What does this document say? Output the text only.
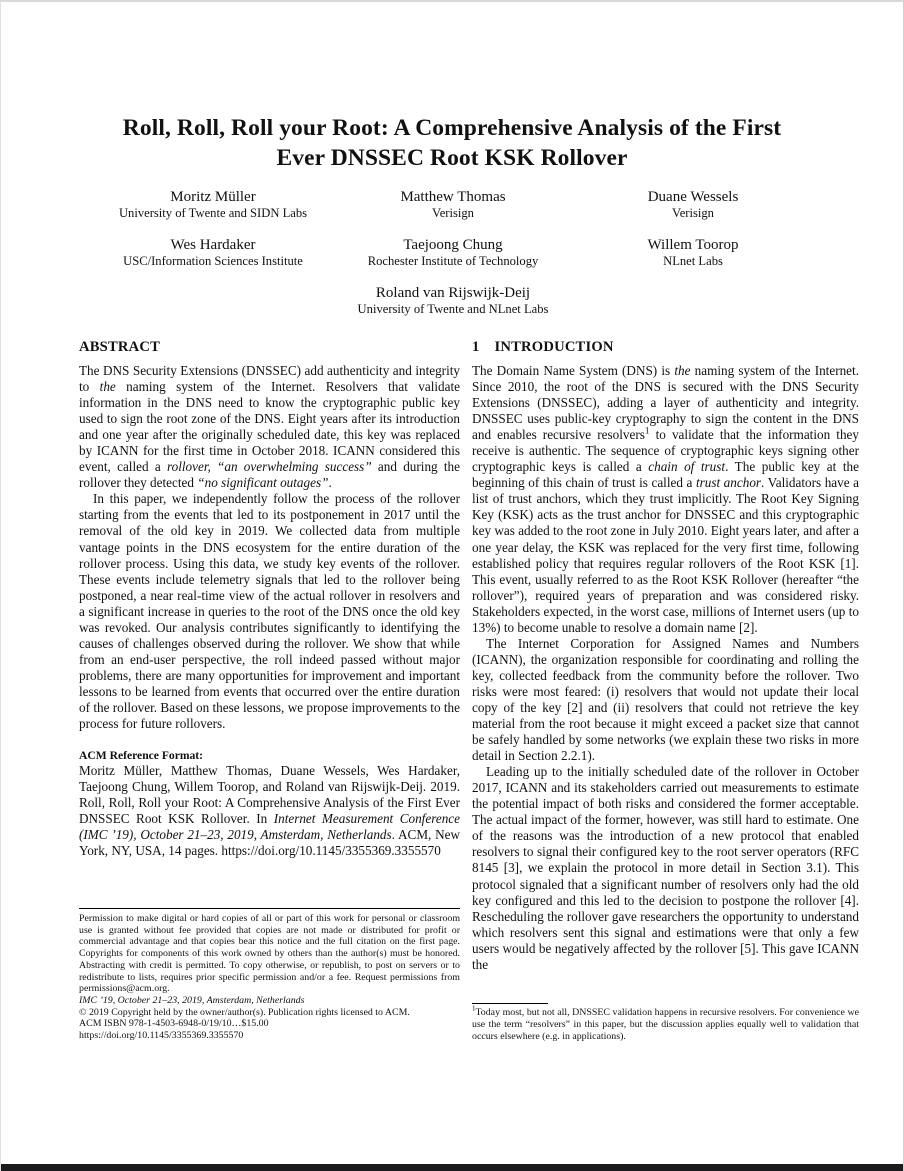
Roll, Roll, Roll your Root: A Comprehensive Analysis of the First
Ever DNSSEC Root KSK Rollover
Moritz Müller
University of Twente and SIDN Labs
Matthew Thomas
Verisign
Duane Wessels
Verisign
Wes Hardaker
USC/Information Sciences Institute
Taejoong Chung
Rochester Institute of Technology
Willem Toorop
NLnet Labs
Roland van Rijswijk-Deij
University of Twente and NLnet Labs
ABSTRACT

The DNS Security Extensions (DNSSEC) add authenticity and integrity to the naming system of the Internet. Resolvers that validate information in the DNS need to know the cryptographic public key used to sign the root zone of the DNS. Eight years after its introduction and one year after the originally scheduled date, this key was replaced by ICANN for the first time in October 2018. ICANN considered this event, called a rollover, “an overwhelming success” and during the rollover they detected “no significant outages”.

In this paper, we independently follow the process of the rollover starting from the events that led to its postponement in 2017 until the removal of the old key in 2019. We collected data from multiple vantage points in the DNS ecosystem for the entire duration of the rollover process. Using this data, we study key events of the rollover. These events include telemetry signals that led to the rollover being postponed, a near real-time view of the actual rollover in resolvers and a significant increase in queries to the root of the DNS once the old key was revoked. Our analysis contributes significantly to identifying the causes of challenges observed during the rollover. We show that while from an end-user perspective, the roll indeed passed without major problems, there are many opportunities for improvement and important lessons to be learned from events that occurred over the entire duration of the rollover. Based on these lessons, we propose improvements to the process for future rollovers.

ACM Reference Format:

Moritz Müller, Matthew Thomas, Duane Wessels, Wes Hardaker, Taejoong Chung, Willem Toorop, and Roland van Rijswijk-Deij. 2019. Roll, Roll, Roll your Root: A Comprehensive Analysis of the First Ever DNSSEC Root KSK Rollover. In Internet Measurement Conference (IMC ’19), October 21–23, 2019, Amsterdam, Netherlands. ACM, New York, NY, USA, 14 pages. https://doi.org/10.1145/3355369.3355570

1 INTRODUCTION

The Domain Name System (DNS) is the naming system of the Internet. Since 2010, the root of the DNS is secured with the DNS Security Extensions (DNSSEC), adding a layer of authenticity and integrity. DNSSEC uses public-key cryptography to sign the content in the DNS and enables recursive resolvers$^1$ to validate that the information they receive is authentic. The sequence of cryptographic keys signing other cryptographic keys is called a chain of trust. The public key at the beginning of this chain of trust is called a trust anchor. Validators have a list of trust anchors, which they trust implicitly. The Root Key Signing Key (KSK) acts as the trust anchor for DNSSEC and this cryptographic key was added to the root zone in July 2010. Eight years later, and after a one year delay, the KSK was replaced for the very first time, following established policy that requires regular rollovers of the Root KSK [1]. This event, usually referred to as the Root KSK Rollover (hereafter “the rollover”), required years of preparation and was considered risky. Stakeholders expected, in the worst case, millions of Internet users (up to 13%) to become unable to resolve a domain name [2].

The Internet Corporation for Assigned Names and Numbers (ICANN), the organization responsible for coordinating and rolling the key, collected feedback from the community before the rollover. Two risks were most feared: (i) resolvers that would not update their local copy of the key [2] and (ii) resolvers that could not retrieve the key material from the root because it might exceed a packet size that cannot be safely handled by some networks (we explain these two risks in more detail in Section 2.2.1).

Leading up to the initially scheduled date of the rollover in October 2017, ICANN and its stakeholders carried out measurements to estimate the potential impact of both risks and considered the former acceptable. The actual impact of the former, however, was still hard to estimate. One of the reasons was the introduction of a new protocol that enabled resolvers to signal their configured key to the root server operators (RFC 8145 [3], we explain the protocol in more detail in Section 3.1). This protocol signaled that a significant number of resolvers only had the old key configured and this led to the decision to postpone the rollover [4]. Rescheduling the rollover gave researchers the opportunity to understand which resolvers sent this signal and estimations were that only a few users would be negatively affected by the rollover [5]. This gave ICANN the

Permission to make digital or hard copies of all or part of this work for personal or classroom use is granted without fee provided that copies are not made or distributed for profit or commercial advantage and that copies bear this notice and the full citation on the first page. Copyrights for components of this work owned by others than the author(s) must be honored. Abstracting with credit is permitted. To copy otherwise, or republish, to post on servers or to redistribute to lists, requires prior specific permission and/or a fee. Request permissions from permissions@acm.org.

IMC ’19, October 21–23, 2019, Amsterdam, Netherlands

© 2019 Copyright held by the owner/author(s). Publication rights licensed to ACM.

ACM ISBN 978-1-4503-6948-0/19/10…$15.00

https://doi.org/10.1145/3355369.3355570

$^1$Today most, but not all, DNSSEC validation happens in recursive resolvers. For convenience we use the term “resolvers” in this paper, but the discussion applies equally well to validation that occurs elsewhere (e.g. in applications).
